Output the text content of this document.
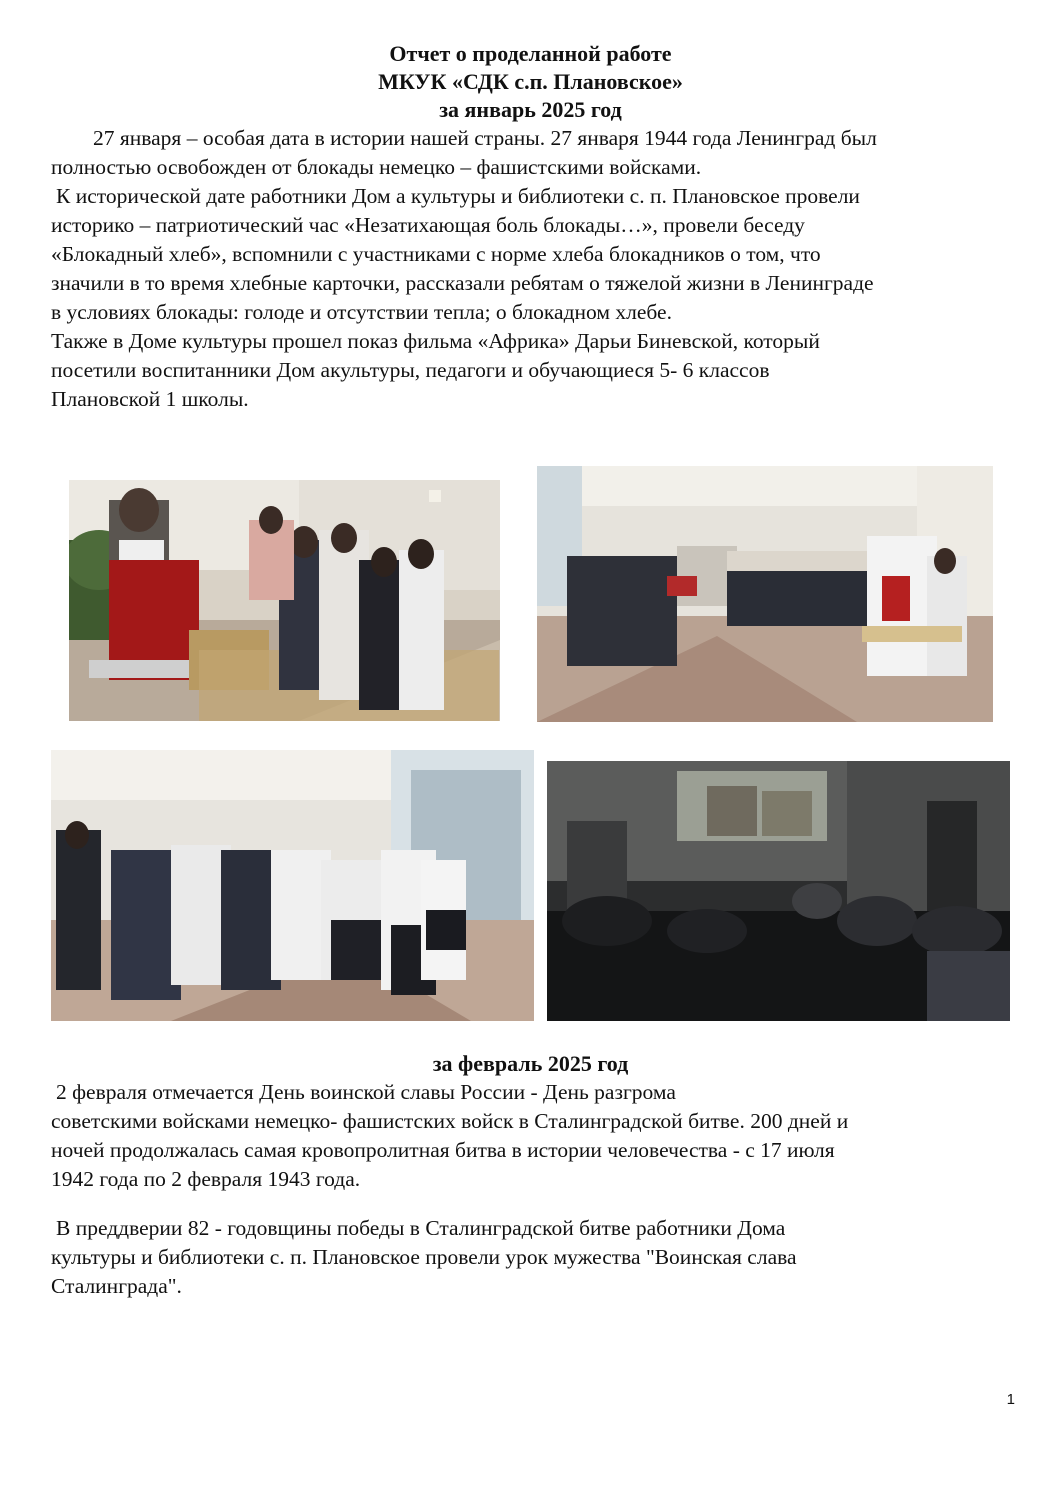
Отчет о проделанной работе
МКУК «СДК с.п. Плановское»
за январь 2025 год
27 января – особая дата в истории нашей страны. 27 января 1944 года Ленинград был
полностью освобожден от блокады немецко – фашистскими войсками.
К исторической дате работники Дом а культуры и библиотеки с. п. Плановское провели
историко – патриотический час «Незатихающая боль блокады…», провели беседу
«Блокадный хлеб», вспомнили с участниками с норме хлеба блокадников о том, что
значили в то время хлебные карточки, рассказали ребятам о тяжелой жизни в Ленинграде
в условиях блокады: голоде и отсутствии тепла; о блокадном хлебе.
Также в Доме культуры прошел показ фильма «Африка» Дарьи Биневской, который
посетили воспитанники Дом акультуры, педагоги и обучающиеся 5- 6 классов
Плановской 1 школы.
за февраль 2025 год
2 февраля отмечается День воинской славы России - День разгрома
советскими войсками немецко- фашистских войск в Сталинградской битве. 200 дней и
ночей продолжалась самая кровопролитная битва в истории человечества - с 17 июля
1942 года по 2 февраля 1943 года.
В преддверии 82 - годовщины победы в Сталинградской битве работники Дома
культуры и библиотеки с. п. Плановское провели урок мужества "Воинская слава
Сталинграда".
1
